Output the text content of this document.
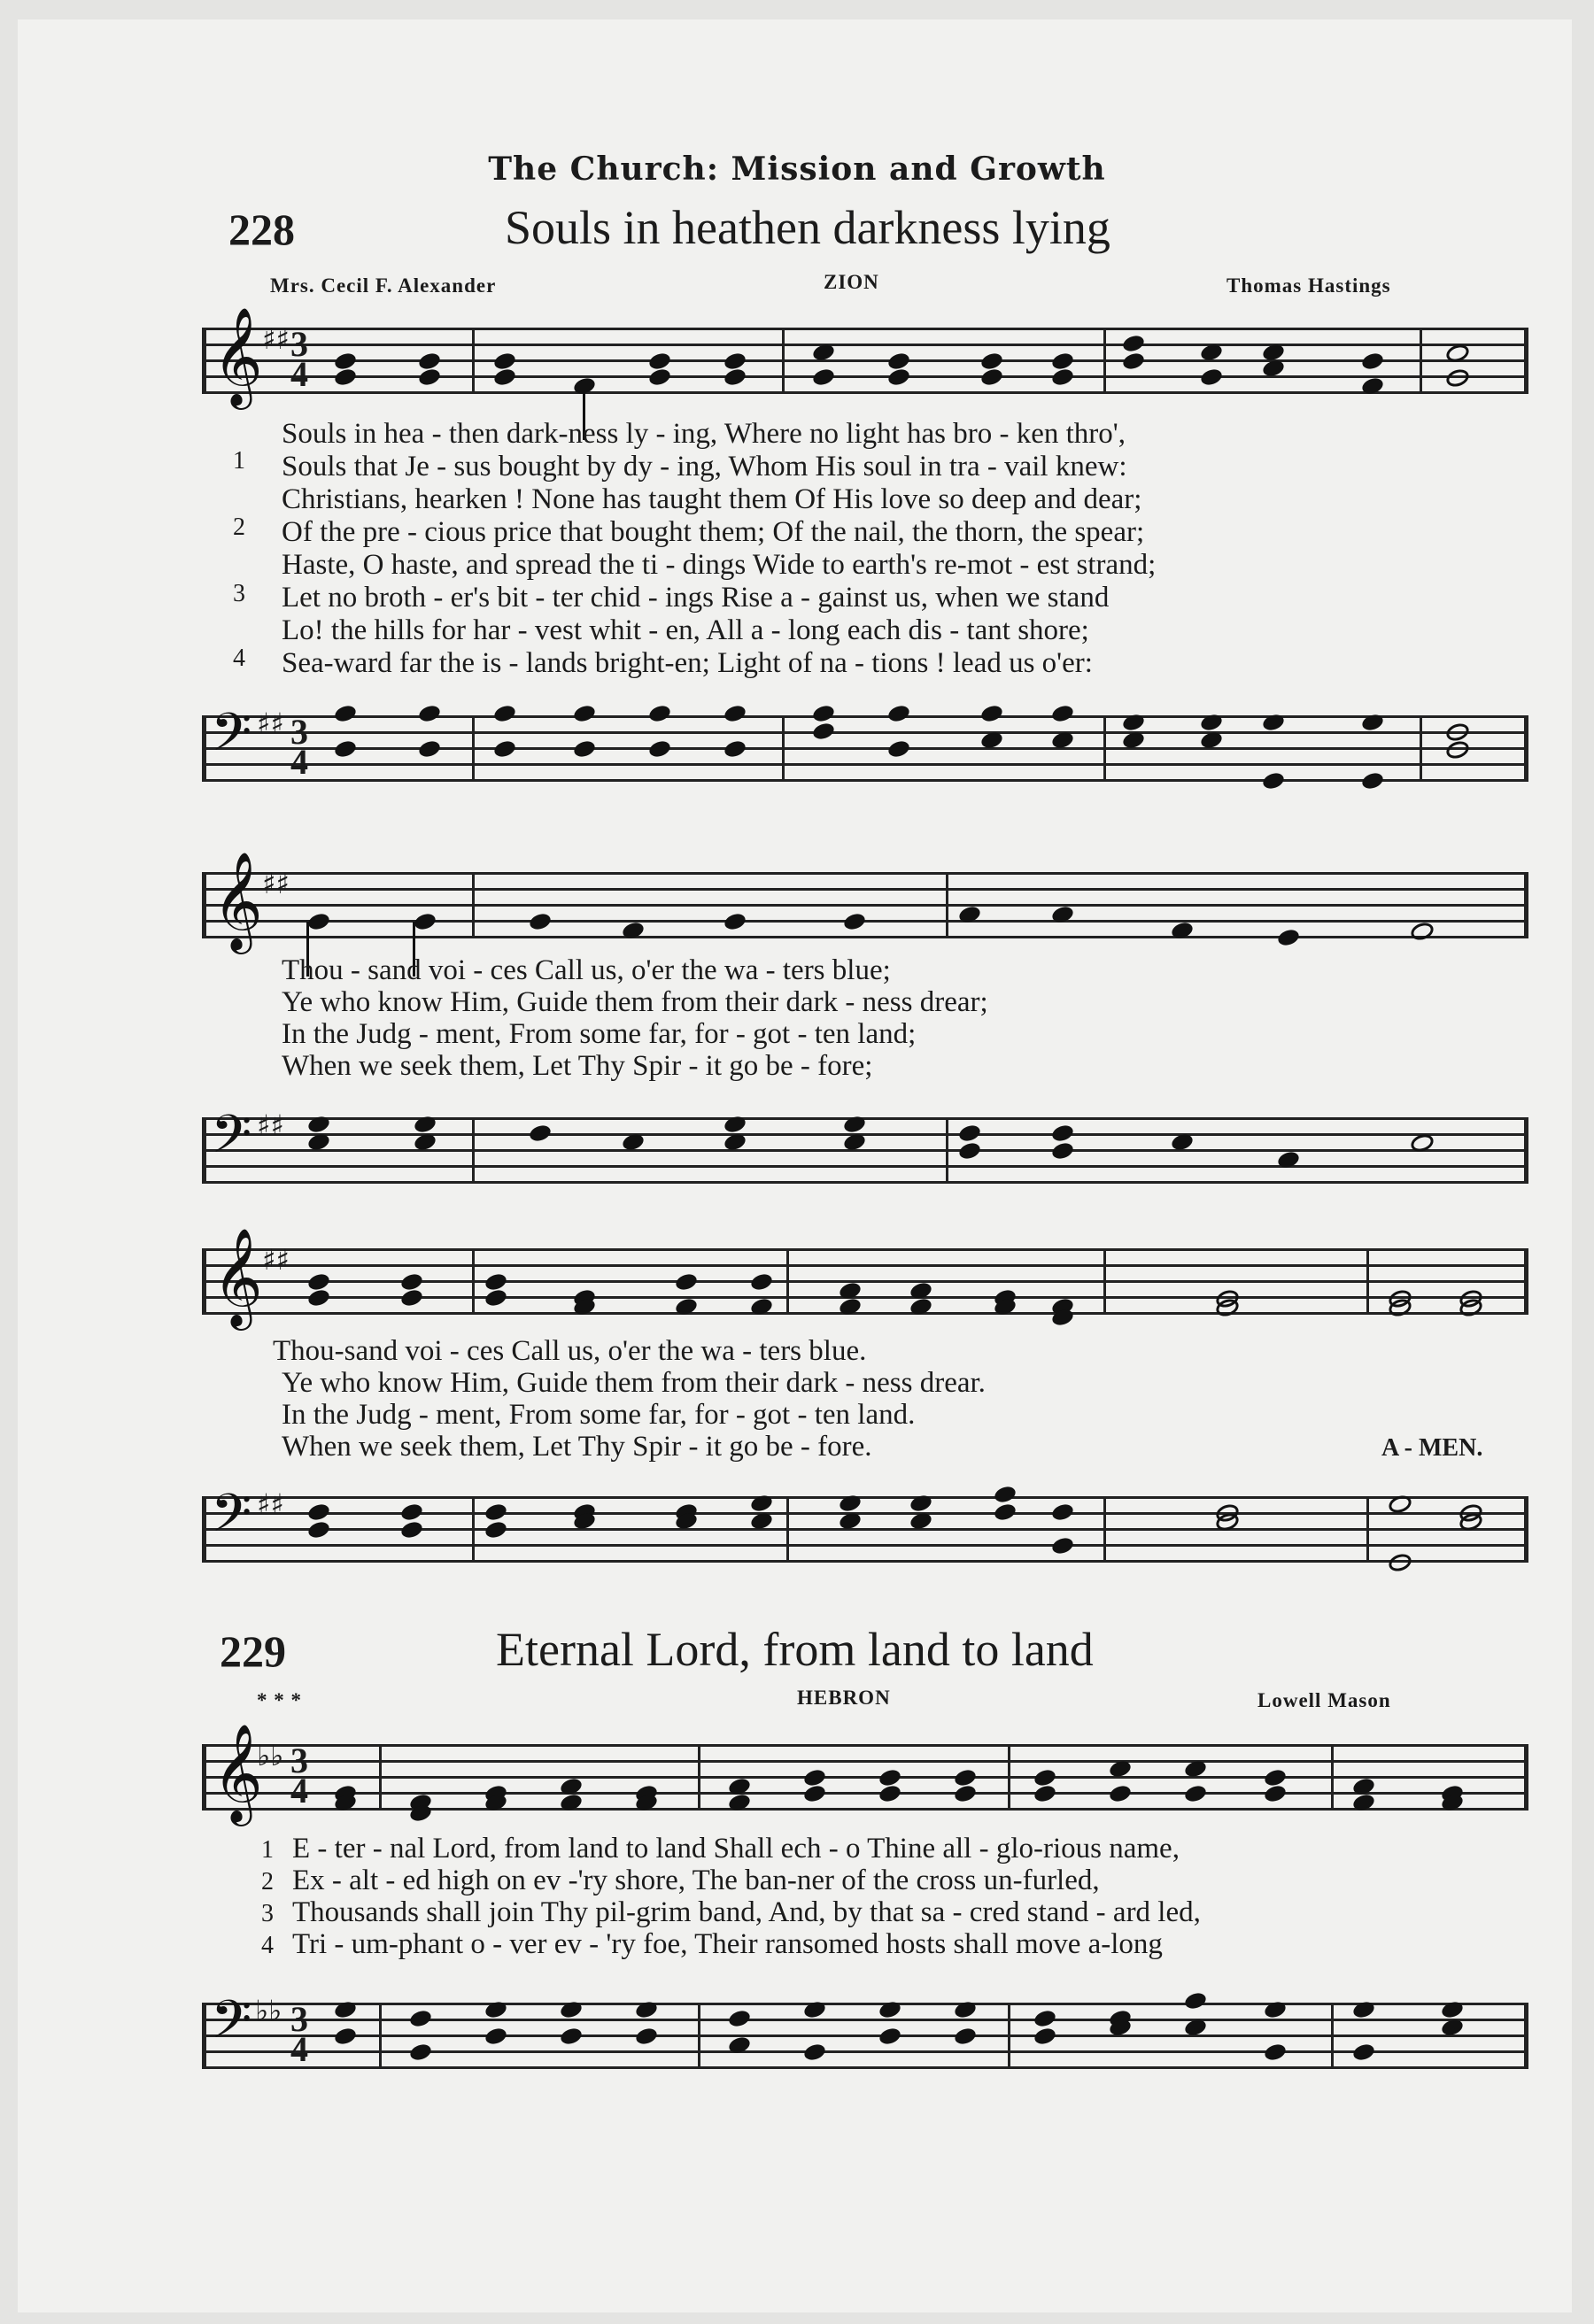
The Church: Mission and Growth
228	Souls in heathen darkness lying
Mrs. Cecil F. Alexander	ZION	Thomas Hastings
𝄞 ♯♯ 3
4
1
2
3
4
Souls in hea - then dark-ness ly - ing, Where no light has bro - ken thro',
Souls that Je - sus bought by dy - ing, Whom His soul in tra - vail knew:
Christians, hearken ! None has taught them Of His love so deep and dear;
Of the pre - cious price that bought them; Of the nail, the thorn, the spear;
Haste, O haste, and spread the ti - dings Wide to earth's re-mot - est strand;
Let no broth - er's bit - ter chid - ings Rise a - gainst us, when we stand
Lo! the hills for har - vest whit - en, All a - long each dis - tant shore;
Sea-ward far the is - lands bright-en; Light of na - tions ! lead us o'er:
𝄢 ♯♯ 3
4
𝄞 ♯♯
Thou - sand voi - ces Call us, o'er the wa - ters blue;
Ye who know Him, Guide them from their dark - ness drear;
In the Judg - ment, From some far, for - got - ten land;
When we seek them, Let Thy Spir - it go be - fore;
𝄢 ♯♯
𝄞 ♯♯
Thou-sand voi - ces Call us, o'er the wa - ters blue.
Ye who know Him, Guide them from their dark - ness drear.
In the Judg - ment, From some far, for - got - ten land.
When we seek them, Let Thy Spir - it go be - fore.	A - MEN.
𝄢 ♯♯
229	Eternal Lord, from land to land
* * *	HEBRON	Lowell Mason
𝄞
♭♭ 3
4
1
2
3
4
E - ter - nal Lord, from land to land Shall ech - o Thine all - glo-rious name,
Ex - alt - ed high on ev -'ry shore, The ban-ner of the cross un-furled,
Thousands shall join Thy pil-grim band, And, by that sa - cred stand - ard led,
Tri - um-phant o - ver ev - 'ry foe, Their ransomed hosts shall move a-long
𝄢 ♭♭ 3
4
